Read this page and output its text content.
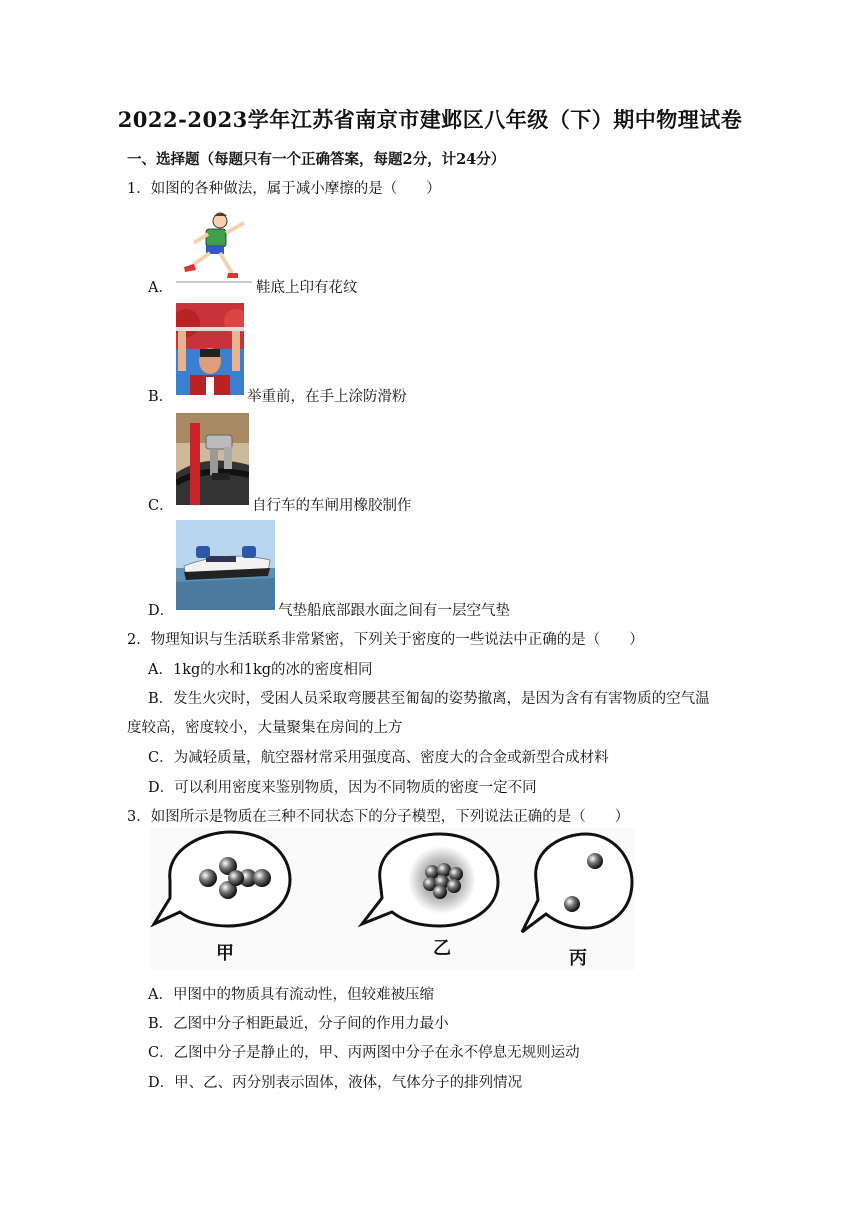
2022-2023学年江苏省南京市建邺区八年级（下）期中物理试卷
一、选择题（每题只有一个正确答案，每题2分，计24分）
1．如图的各种做法，属于减小摩擦的是（　　）
A．	鞋底上印有花纹
B．	举重前，在手上涂防滑粉
C．	自行车的车闸用橡胶制作
D．	气垫船底部跟水面之间有一层空气垫
2．物理知识与生活联系非常紧密，下列关于密度的一些说法中正确的是（　　）
A．1kg的水和1kg的冰的密度相同
B．发生火灾时，受困人员采取弯腰甚至匍匐的姿势撤离，是因为含有有害物质的空气温
度较高，密度较小，大量聚集在房间的上方
C．为减轻质量，航空器材常采用强度高、密度大的合金或新型合成材料
D．可以利用密度来鉴别物质，因为不同物质的密度一定不同
3．如图所示是物质在三种不同状态下的分子模型，下列说法正确的是（　　）
甲	乙	丙
A．甲图中的物质具有流动性，但较难被压缩
B．乙图中分子相距最近，分子间的作用力最小
C．乙图中分子是静止的，甲、丙两图中分子在永不停息无规则运动
D．甲、乙、丙分别表示固体，液体，气体分子的排列情况
